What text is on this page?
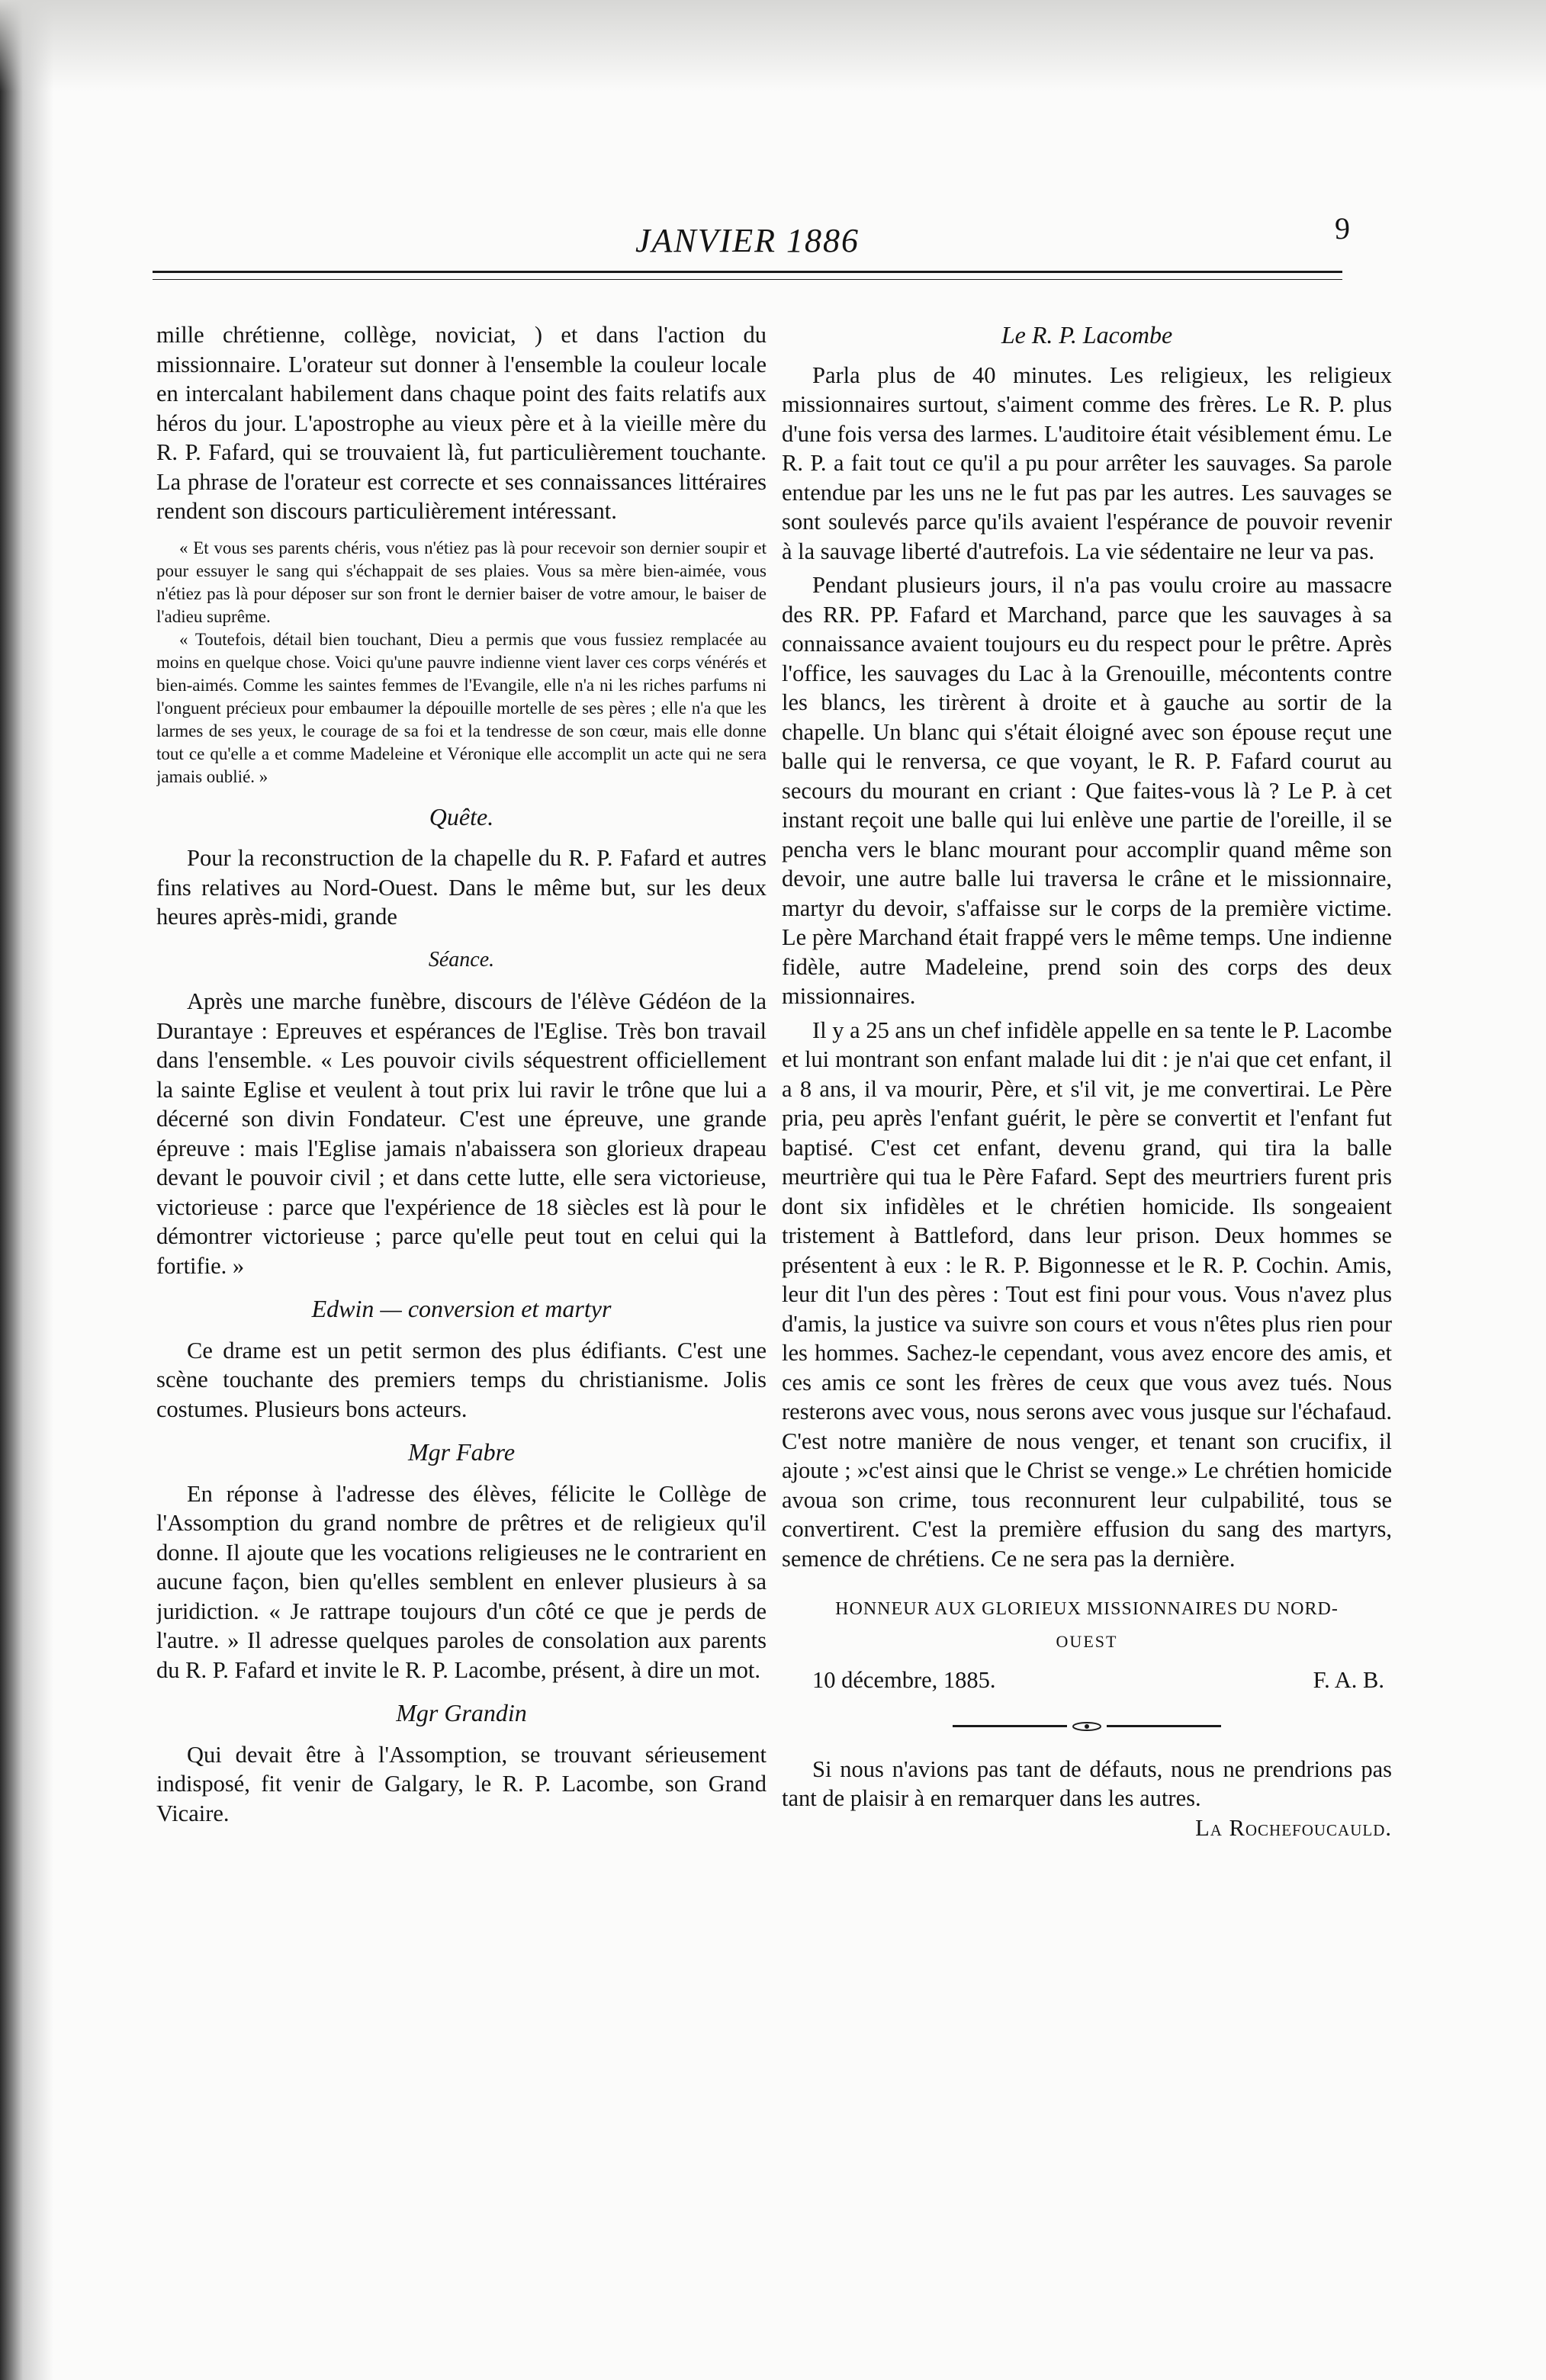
JANVIER 1886	9

mille chrétienne, collège, noviciat, ) et dans l'action du missionnaire. L'orateur sut donner à l'ensemble la couleur locale en intercalant habilement dans chaque point des faits relatifs aux héros du jour. L'apostrophe au vieux père et à la vieille mère du R. P. Fafard, qui se trouvaient là, fut particulièrement touchante. La phrase de l'orateur est correcte et ses connaissances littéraires rendent son discours particulièrement intéressant.

« Et vous ses parents chéris, vous n'étiez pas là pour recevoir son dernier soupir et pour essuyer le sang qui s'échappait de ses plaies. Vous sa mère bien-aimée, vous n'étiez pas là pour déposer sur son front le dernier baiser de votre amour, le baiser de l'adieu suprême.

« Toutefois, détail bien touchant, Dieu a permis que vous fussiez remplacée au moins en quelque chose. Voici qu'une pauvre indienne vient laver ces corps vénérés et bien-aimés. Comme les saintes femmes de l'Evangile, elle n'a ni les riches parfums ni l'onguent précieux pour embaumer la dépouille mortelle de ses pères ; elle n'a que les larmes de ses yeux, le courage de sa foi et la tendresse de son cœur, mais elle donne tout ce qu'elle a et comme Madeleine et Véronique elle accomplit un acte qui ne sera jamais oublié. »

Quête.

Pour la reconstruction de la chapelle du R. P. Fafard et autres fins relatives au Nord-Ouest. Dans le même but, sur les deux heures après-midi, grande

Séance.

Après une marche funèbre, discours de l'élève Gédéon de la Durantaye : Epreuves et espérances de l'Eglise. Très bon travail dans l'ensemble. « Les pouvoir civils séquestrent officiellement la sainte Eglise et veulent à tout prix lui ravir le trône que lui a décerné son divin Fondateur. C'est une épreuve, une grande épreuve : mais l'Eglise jamais n'abaissera son glorieux drapeau devant le pouvoir civil ; et dans cette lutte, elle sera victorieuse, victorieuse : parce que l'expérience de 18 siècles est là pour le démontrer victorieuse ; parce qu'elle peut tout en celui qui la fortifie. »

Edwin — conversion et martyr

Ce drame est un petit sermon des plus édifiants. C'est une scène touchante des premiers temps du christianisme. Jolis costumes. Plusieurs bons acteurs.

Mgr Fabre

En réponse à l'adresse des élèves, félicite le Collège de l'Assomption du grand nombre de prêtres et de religieux qu'il donne. Il ajoute que les vocations religieuses ne le contrarient en aucune façon, bien qu'elles semblent en enlever plusieurs à sa juridiction. « Je rattrape toujours d'un côté ce que je perds de l'autre. » Il adresse quelques paroles de consolation aux parents du R. P. Fafard et invite le R. P. Lacombe, présent, à dire un mot.

Mgr Grandin

Qui devait être à l'Assomption, se trouvant sérieusement indisposé, fit venir de Galgary, le R. P. Lacombe, son Grand Vicaire.

Le R. P. Lacombe

Parla plus de 40 minutes. Les religieux, les religieux missionnaires surtout, s'aiment comme des frères. Le R. P. plus d'une fois versa des larmes. L'auditoire était vésiblement ému. Le R. P. a fait tout ce qu'il a pu pour arrêter les sauvages. Sa parole entendue par les uns ne le fut pas par les autres. Les sauvages se sont soulevés parce qu'ils avaient l'espérance de pouvoir revenir à la sauvage liberté d'autrefois. La vie sédentaire ne leur va pas.

Pendant plusieurs jours, il n'a pas voulu croire au massacre des RR. PP. Fafard et Marchand, parce que les sauvages à sa connaissance avaient toujours eu du respect pour le prêtre. Après l'office, les sauvages du Lac à la Grenouille, mécontents contre les blancs, les tirèrent à droite et à gauche au sortir de la chapelle. Un blanc qui s'était éloigné avec son épouse reçut une balle qui le renversa, ce que voyant, le R. P. Fafard courut au secours du mourant en criant : Que faites-vous là ? Le P. à cet instant reçoit une balle qui lui enlève une partie de l'oreille, il se pencha vers le blanc mourant pour accomplir quand même son devoir, une autre balle lui traversa le crâne et le missionnaire, martyr du devoir, s'affaisse sur le corps de la première victime. Le père Marchand était frappé vers le même temps. Une indienne fidèle, autre Madeleine, prend soin des corps des deux missionnaires.

Il y a 25 ans un chef infidèle appelle en sa tente le P. Lacombe et lui montrant son enfant malade lui dit : je n'ai que cet enfant, il a 8 ans, il va mourir, Père, et s'il vit, je me convertirai. Le Père pria, peu après l'enfant guérit, le père se convertit et l'enfant fut baptisé. C'est cet enfant, devenu grand, qui tira la balle meurtrière qui tua le Père Fafard. Sept des meurtriers furent pris dont six infidèles et le chrétien homicide. Ils songeaient tristement à Battleford, dans leur prison. Deux hommes se présentent à eux : le R. P. Bigonnesse et le R. P. Cochin. Amis, leur dit l'un des pères : Tout est fini pour vous. Vous n'avez plus d'amis, la justice va suivre son cours et vous n'êtes plus rien pour les hommes. Sachez-le cependant, vous avez encore des amis, et ces amis ce sont les frères de ceux que vous avez tués. Nous resterons avec vous, nous serons avec vous jusque sur l'échafaud. C'est notre manière de nous venger, et tenant son crucifix, il ajoute ; »c'est ainsi que le Christ se venge.» Le chrétien homicide avoua son crime, tous reconnurent leur culpabilité, tous se convertirent. C'est la première effusion du sang des martyrs, semence de chrétiens. Ce ne sera pas la dernière.

HONNEUR AUX GLORIEUX MISSIONNAIRES DU NORD-
OUEST
10 décembre, 1885.	F. A. B.

Si nous n'avions pas tant de défauts, nous ne prendrions pas tant de plaisir à en remarquer dans les autres.
La Rochefoucauld.
